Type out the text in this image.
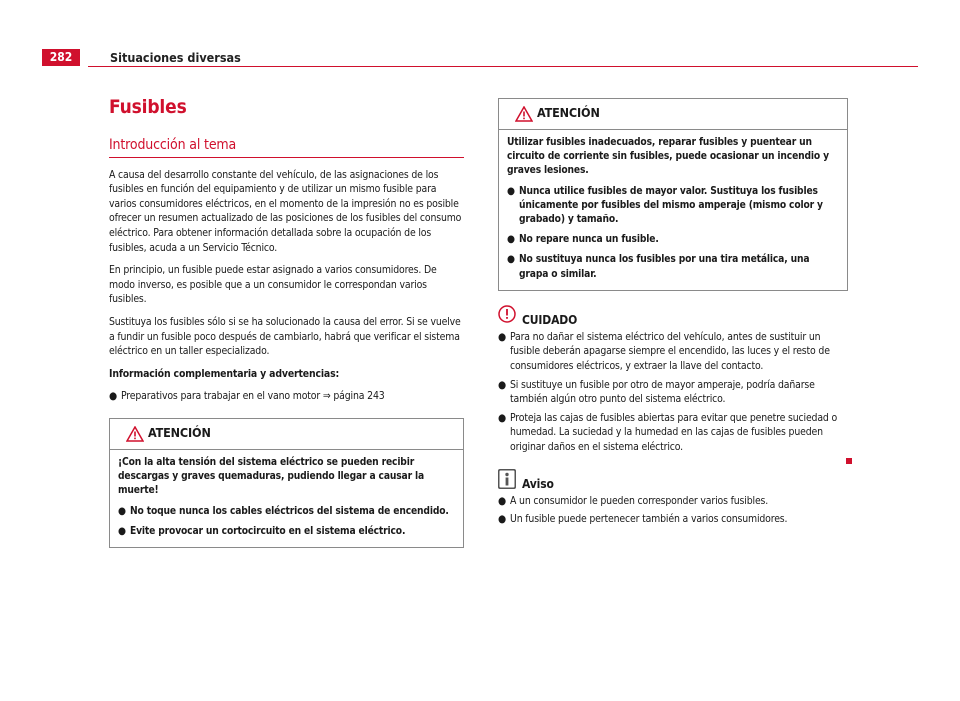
282	Situaciones diversas
Fusibles
Introducción al tema

A causa del desarrollo constante del vehículo, de las asignaciones de los fusibles en función del equipamiento y de utilizar un mismo fusible para varios consumidores eléctricos, en el momento de la impresión no es posible ofrecer un resumen actualizado de las posiciones de los fusibles del consumo eléctrico. Para obtener información detallada sobre la ocupación de los fusibles, acuda a un Servicio Técnico.

En principio, un fusible puede estar asignado a varios consumidores. De modo inverso, es posible que a un consumidor le correspondan varios fusibles.

Sustituya los fusibles sólo si se ha solucionado la causa del error. Si se vuelve a fundir un fusible poco después de cambiarlo, habrá que verificar el sistema eléctrico en un taller especializado.

Información complementaria y advertencias:

● Preparativos para trabajar en el vano motor ⇒ página 243

ATENCIÓN

¡Con la alta tensión del sistema eléctrico se pueden recibir descargas y graves quemaduras, pudiendo llegar a causar la muerte!

● No toque nunca los cables eléctricos del sistema de encendido.

● Evite provocar un cortocircuito en el sistema eléctrico.

ATENCIÓN

Utilizar fusibles inadecuados, reparar fusibles y puentear un circuito de corriente sin fusibles, puede ocasionar un incendio y graves lesiones.

● Nunca utilice fusibles de mayor valor. Sustituya los fusibles únicamente por fusibles del mismo amperaje (mismo color y grabado) y tamaño.

● No repare nunca un fusible.

● No sustituya nunca los fusibles por una tira metálica, una grapa o similar.

CUIDADO

● Para no dañar el sistema eléctrico del vehículo, antes de sustituir un fusible deberán apagarse siempre el encendido, las luces y el resto de consumidores eléctricos, y extraer la llave del contacto.

● Si sustituye un fusible por otro de mayor amperaje, podría dañarse también algún otro punto del sistema eléctrico.

● Proteja las cajas de fusibles abiertas para evitar que penetre suciedad o humedad. La suciedad y la humedad en las cajas de fusibles pueden originar daños en el sistema eléctrico.

Aviso

● A un consumidor le pueden corresponder varios fusibles.

● Un fusible puede pertenecer también a varios consumidores.
